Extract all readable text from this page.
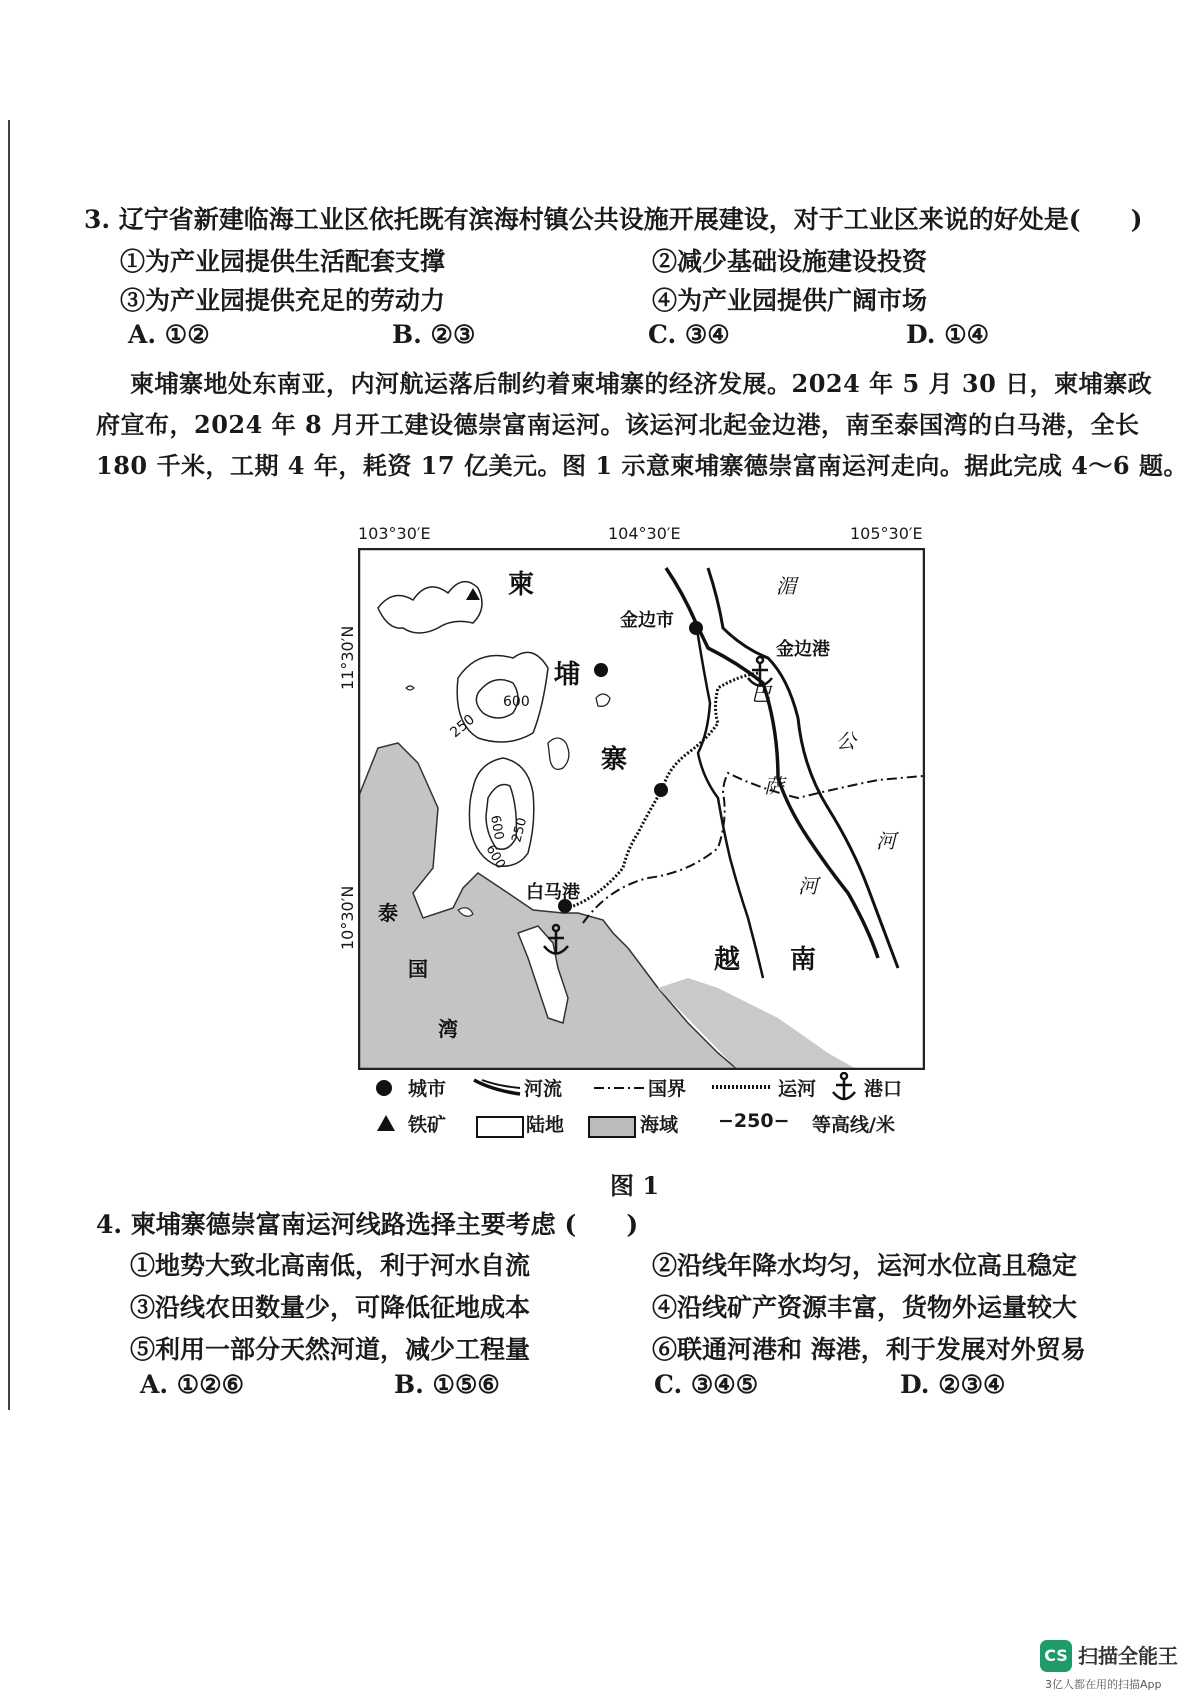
3. 辽宁省新建临海工业区依托既有滨海村镇公共设施开展建设，对于工业区来说的好处是(　　)
①为产业园提供生活配套支撑	②减少基础设施建设投资
③为产业园提供充足的劳动力	④为产业园提供广阔市场
A. ①②	B. ②③	C. ③④	D. ①④
柬埔寨地处东南亚，内河航运落后制约着柬埔寨的经济发展。2024 年 5 月 30 日，柬埔寨政
府宣布，2024 年 8 月开工建设德崇富南运河。该运河北起金边港，南至泰国湾的白马港，全长
180 千米，工期 4 年，耗资 17 亿美元。图 1 示意柬埔寨德崇富南运河走向。据此完成 4～6 题。
103°30′E	104°30′E	105°30′E
11°30′N
10°30′N
柬
埔
寨
越 南
泰
国
湾
湄
公
河
巴
萨
河
金边市
金边港
白马港
600
250
600
600
250
城市	河流	国界	运河	港口
铁矿	陆地	海域 −250− 等高线/米
图 1
4. 柬埔寨德崇富南运河线路选择主要考虑 (　　)
①地势大致北高南低，利于河水自流	②沿线年降水均匀，运河水位高且稳定
③沿线农田数量少，可降低征地成本	④沿线矿产资源丰富，货物外运量较大
⑤利用一部分天然河道，减少工程量	⑥联通河港和 海港，利于发展对外贸易
A. ①②⑥	B. ①⑤⑥	C. ③④⑤	D. ②③④
CS 扫描全能王
3亿人都在用的扫描App
